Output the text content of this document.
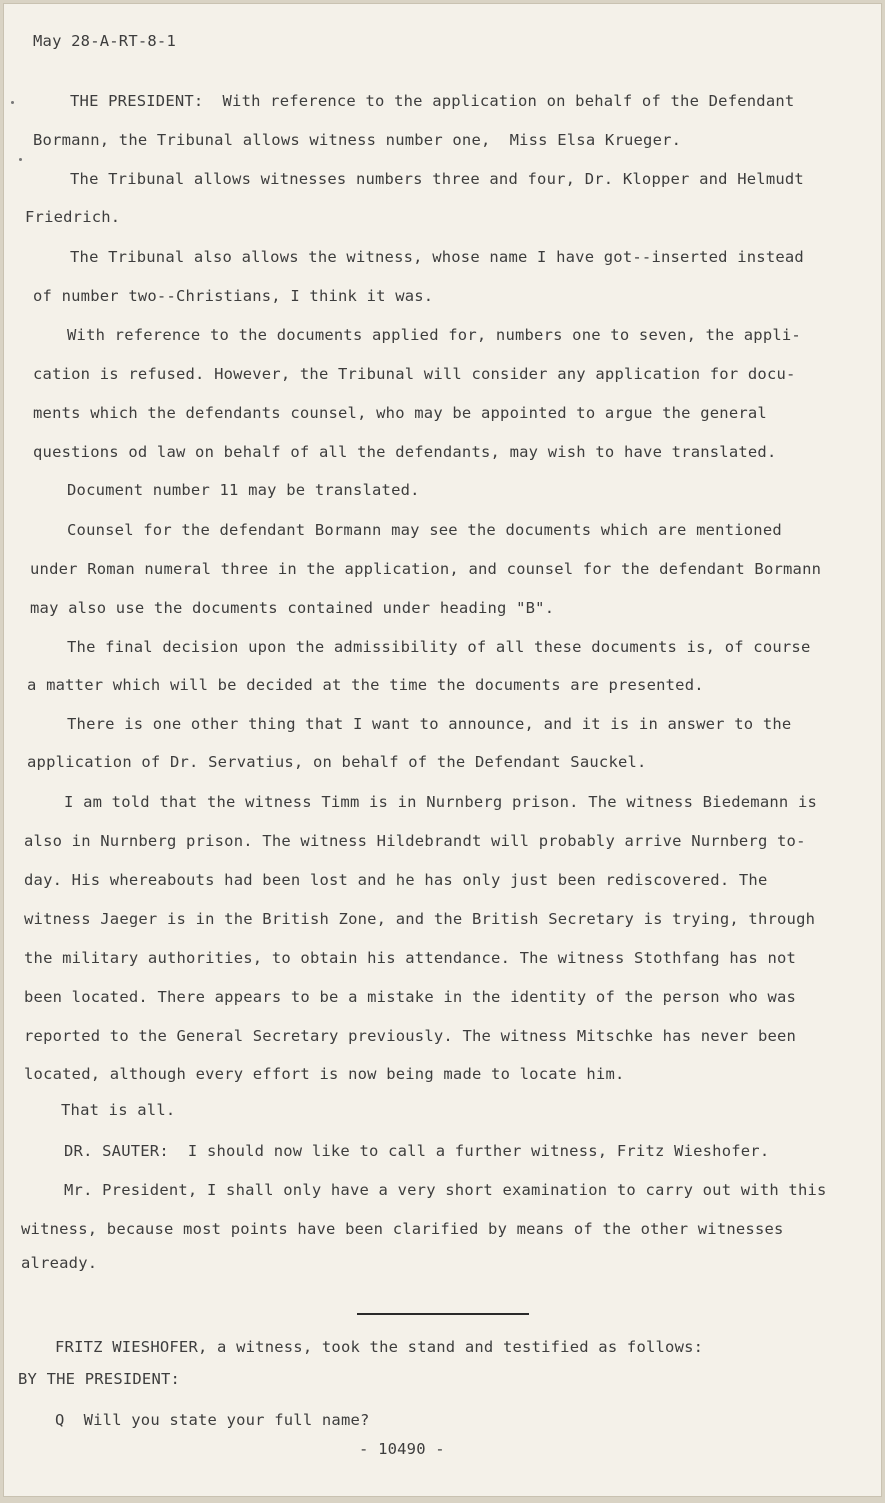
May 28-A-RT-8-1
THE PRESIDENT:  With reference to the application on behalf of the Defendant
Bormann, the Tribunal allows witness number one,  Miss Elsa Krueger.
The Tribunal allows witnesses numbers three and four, Dr. Klopper and Helmudt
Friedrich.
The Tribunal also allows the witness, whose name I have got--inserted instead
of number two--Christians, I think it was.
With reference to the documents applied for, numbers one to seven, the appli-
cation is refused. However, the Tribunal will consider any application for docu-
ments which the defendants counsel, who may be appointed to argue the general
questions od law on behalf of all the defendants, may wish to have translated.
Document number 11 may be translated.
Counsel for the defendant Bormann may see the documents which are mentioned
under Roman numeral three in the application, and counsel for the defendant Bormann
may also use the documents contained under heading "B".
The final decision upon the admissibility of all these documents is, of course
a matter which will be decided at the time the documents are presented.
There is one other thing that I want to announce, and it is in answer to the
application of Dr. Servatius, on behalf of the Defendant Sauckel.
I am told that the witness Timm is in Nurnberg prison. The witness Biedemann is
also in Nurnberg prison. The witness Hildebrandt will probably arrive Nurnberg to-
day. His whereabouts had been lost and he has only just been rediscovered. The
witness Jaeger is in the British Zone, and the British Secretary is trying, through
the military authorities, to obtain his attendance. The witness Stothfang has not
been located. There appears to be a mistake in the identity of the person who was
reported to the General Secretary previously. The witness Mitschke has never been
located, although every effort is now being made to locate him.
That is all.
DR. SAUTER:  I should now like to call a further witness, Fritz Wieshofer.
Mr. President, I shall only have a very short examination to carry out with this
witness, because most points have been clarified by means of the other witnesses
already.
FRITZ WIESHOFER, a witness, took the stand and testified as follows:
BY THE PRESIDENT:
Q  Will you state your full name?
- 10490 -
